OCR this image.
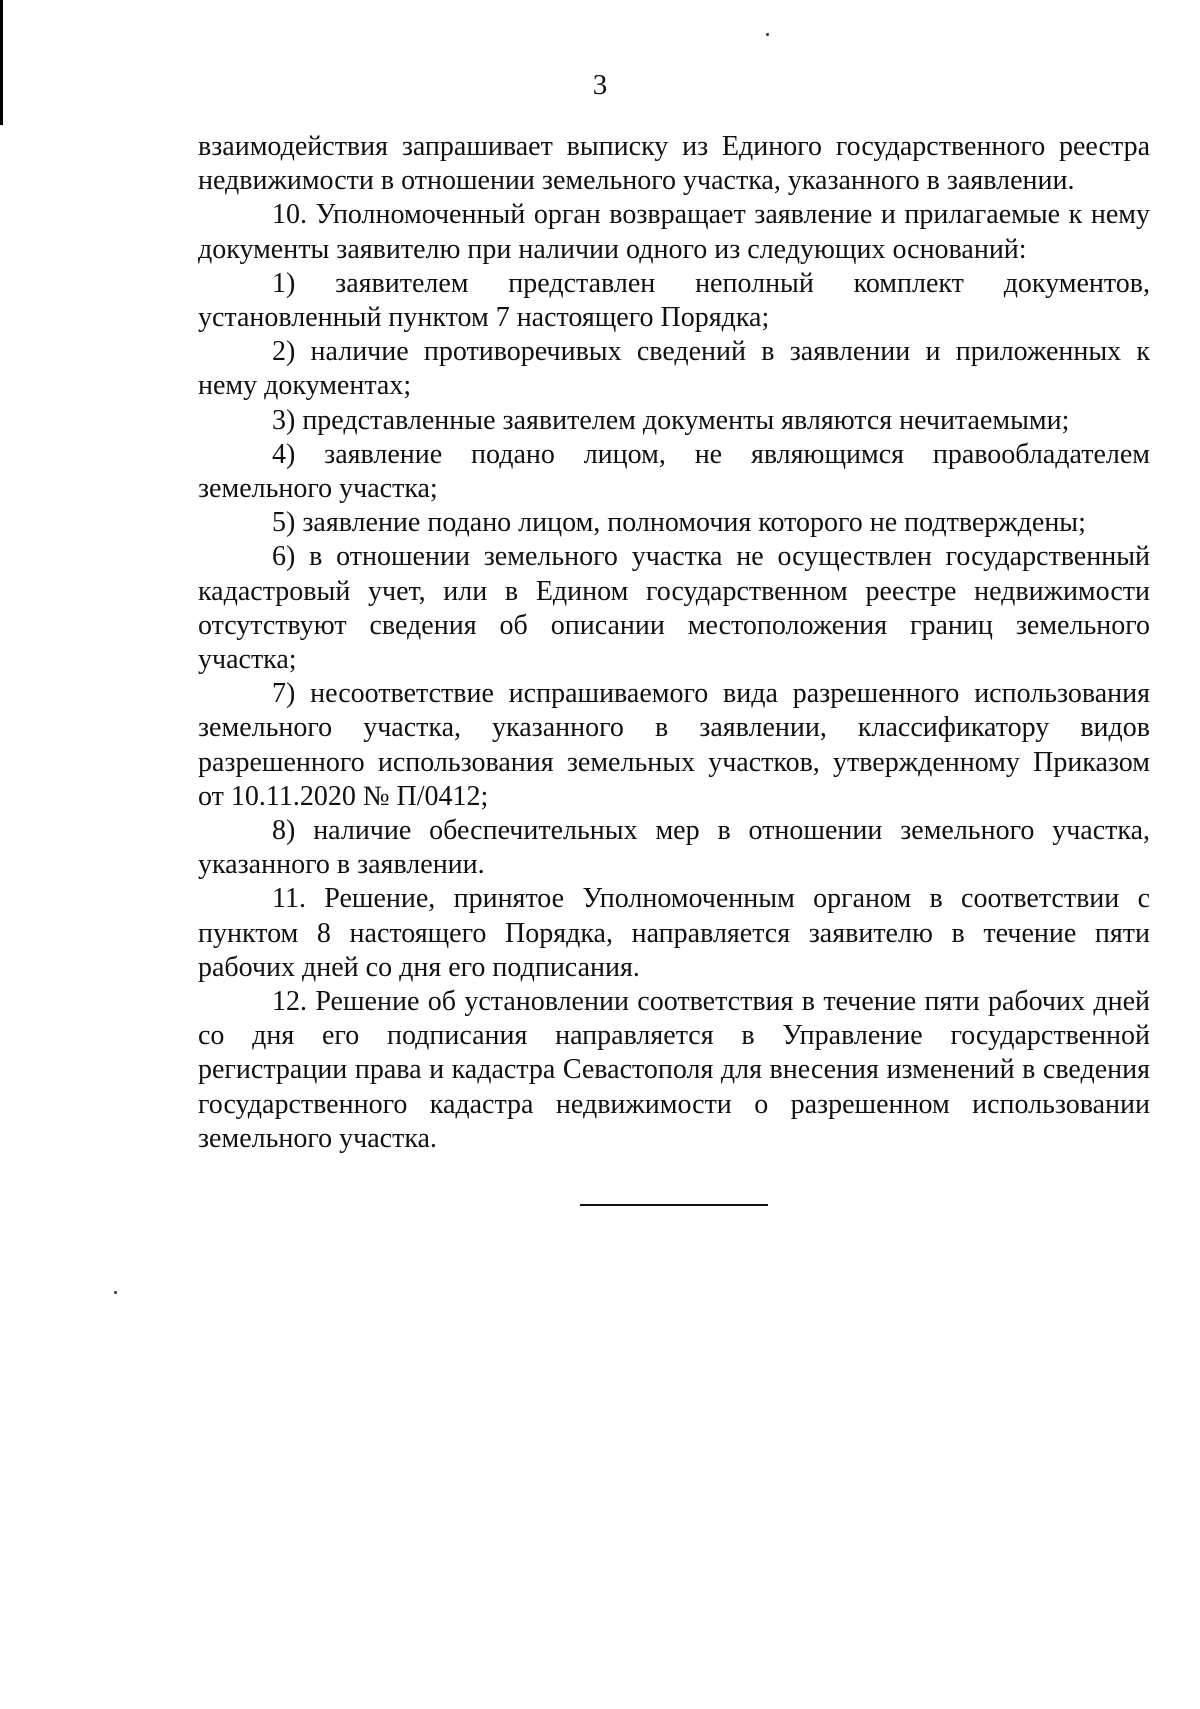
3

взаимодействия запрашивает выписку из Единого государственного реестра недвижимости в отношении земельного участка, указанного в заявлении.

10. Уполномоченный орган возвращает заявление и прилагаемые к нему документы заявителю при наличии одного из следующих оснований:

1) заявителем представлен неполный комплект документов, установленный пунктом 7 настоящего Порядка;

2) наличие противоречивых сведений в заявлении и приложенных к нему документах;

3) представленные заявителем документы являются нечитаемыми;

4) заявление подано лицом, не являющимся правообладателем земельного участка;

5) заявление подано лицом, полномочия которого не подтверждены;

6) в отношении земельного участка не осуществлен государственный кадастровый учет, или в Едином государственном реестре недвижимости отсутствуют сведения об описании местоположения границ земельного участка;

7) несоответствие испрашиваемого вида разрешенного использования земельного участка, указанного в заявлении, классификатору видов разрешенного использования земельных участков, утвержденному Приказом от 10.11.2020 № П/0412;

8) наличие обеспечительных мер в отношении земельного участка, указанного в заявлении.

11. Решение, принятое Уполномоченным органом в соответствии с пунктом 8 настоящего Порядка, направляется заявителю в течение пяти рабочих дней со дня его подписания.

12. Решение об установлении соответствия в течение пяти рабочих дней со дня его подписания направляется в Управление государственной регистрации права и кадастра Севастополя для внесения изменений в сведения государственного кадастра недвижимости о разрешенном использовании земельного участка.
